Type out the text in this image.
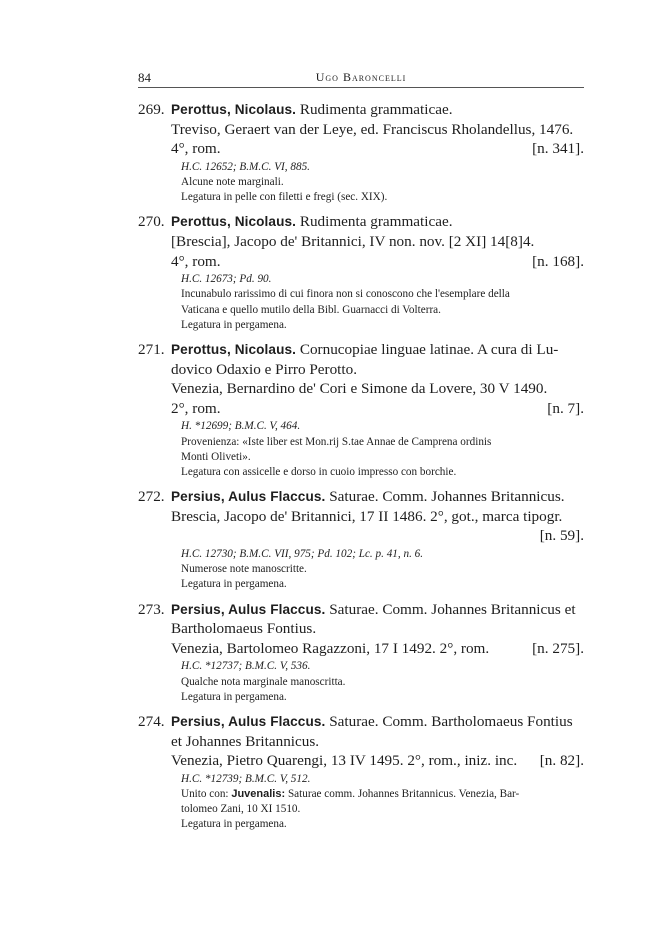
84	Ugo Baroncelli
269. Perottus, Nicolaus. Rudimenta grammaticae.
Treviso, Geraert van der Leye, ed. Franciscus Rholandellus, 1476.
4°, rom.	[n. 341].
H.C. 12652; B.M.C. VI, 885.
Alcune note marginali.
Legatura in pelle con filetti e fregi (sec. XIX).
270. Perottus, Nicolaus. Rudimenta grammaticae.
[Brescia], Jacopo de' Britannici, IV non. nov. [2 XI] 14[8]4.
4°, rom.	[n. 168].
H.C. 12673; Pd. 90.
Incunabulo rarissimo di cui finora non si conoscono che l'esemplare della
Vaticana e quello mutilo della Bibl. Guarnacci di Volterra.
Legatura in pergamena.
271. Perottus, Nicolaus. Cornucopiae linguae latinae. A cura di Lu-
dovico Odaxio e Pirro Perotto.
Venezia, Bernardino de' Cori e Simone da Lovere, 30 V 1490.
2°, rom.	[n. 7].
H. *12699; B.M.C. V, 464.
Provenienza: «Iste liber est Mon.rij S.tae Annae de Camprena ordinis
Monti Oliveti».
Legatura con assicelle e dorso in cuoio impresso con borchie.
272. Persius, Aulus Flaccus. Saturae. Comm. Johannes Britannicus.
Brescia, Jacopo de' Britannici, 17 II 1486. 2°, got., marca tipogr.
[n. 59].
H.C. 12730; B.M.C. VII, 975; Pd. 102; Lc. p. 41, n. 6.
Numerose note manoscritte.
Legatura in pergamena.
273. Persius, Aulus Flaccus. Saturae. Comm. Johannes Britannicus et
Bartholomaeus Fontius.
Venezia, Bartolomeo Ragazzoni, 17 I 1492. 2°, rom.	[n. 275].
H.C. *12737; B.M.C. V, 536.
Qualche nota marginale manoscritta.
Legatura in pergamena.
274. Persius, Aulus Flaccus. Saturae. Comm. Bartholomaeus Fontius
et Johannes Britannicus.
Venezia, Pietro Quarengi, 13 IV 1495. 2°, rom., iniz. inc. [n. 82].
H.C. *12739; B.M.C. V, 512.
Unito con: Juvenalis: Saturae comm. Johannes Britannicus. Venezia, Bar-
tolomeo Zani, 10 XI 1510.
Legatura in pergamena.
